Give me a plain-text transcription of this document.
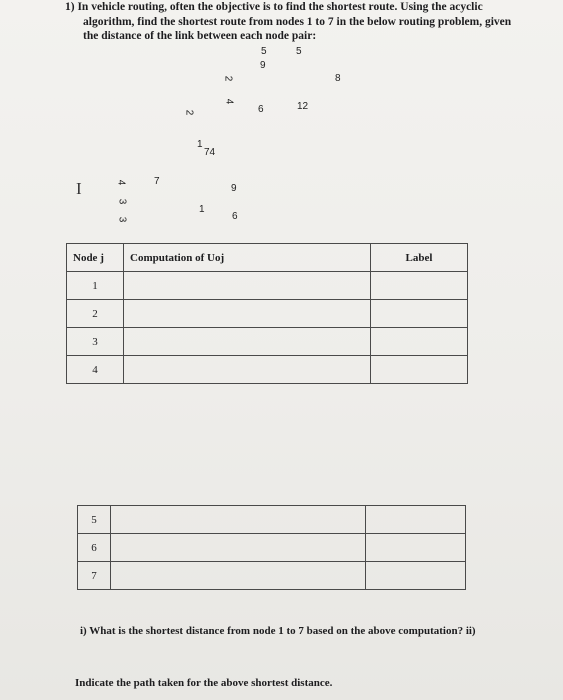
1) In vehicle routing, often the objective is to find the shortest route. Using the acyclic
algorithm, find the shortest route from nodes 1 to 7 in the below routing problem, given
the distance of the link between each node pair:
5	5
9
2	8
4
2	6	12
1
74
I	4	7
9
3
1
6
3
Node j	Computation of Uoj	Label
1		
2		
3		
4		
5		
6		
7		
i) What is the shortest distance from node 1 to 7 based on the above computation? ii)
Indicate the path taken for the above shortest distance.
